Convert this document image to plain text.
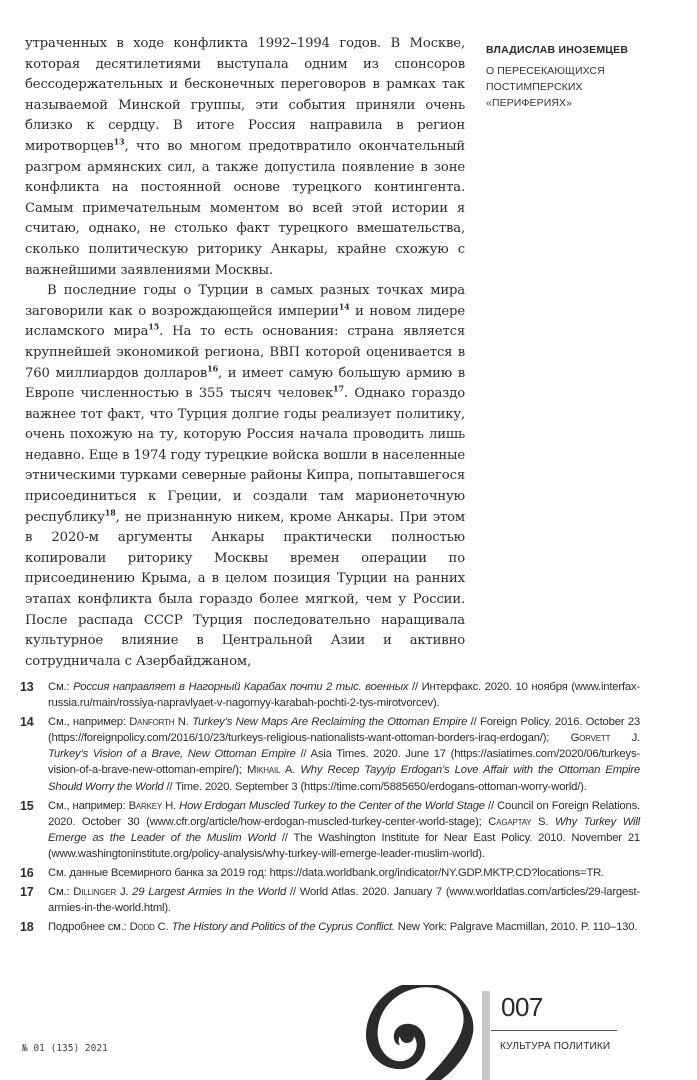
ВЛАДИСЛАВ ИНОЗЕМЦЕВ
О ПЕРЕСЕКАЮЩИХСЯ
ПОСТИМПЕРСКИХ
«ПЕРИФЕРИЯХ»

утраченных в ходе конфликта 1992–1994 годов. В Москве, которая десятилетиями выступала одним из спонсоров бессодержательных и бесконечных переговоров в рамках так называемой Минской группы, эти события приняли очень близко к сердцу. В итоге Россия направила в регион миротворцев$^{13}$, что во многом предотвратило окончательный разгром армянских сил, а также допустила появление в зоне конфликта на постоянной основе турецкого контингента. Самым примечательным моментом во всей этой истории я считаю, однако, не столько факт турецкого вмешательства, сколько политическую риторику Анкары, крайне схожую с важнейшими заявлениями Москвы.

В последние годы о Турции в самых разных точках мира заговорили как о возрождающейся империи$^{14}$ и новом лидере исламского мира$^{15}$. На то есть основания: страна является крупнейшей экономикой региона, ВВП которой оценивается в 760 миллиардов долларов$^{16}$, и имеет самую большую армию в Европе численностью в 355 тысяч человек$^{17}$. Однако гораздо важнее тот факт, что Турция долгие годы реализует политику, очень похожую на ту, которую Россия начала проводить лишь недавно. Еще в 1974 году турецкие войска вошли в населенные этническими турками северные районы Кипра, попытавшегося присоединиться к Греции, и создали там марионеточную республику$^{18}$, не признанную никем, кроме Анкары. При этом в 2020-м аргументы Анкары практически полностью копировали риторику Москвы времен операции по присоединению Крыма, а в целом позиция Турции на ранних этапах конфликта была гораздо более мягкой, чем у России. После распада СССР Турция последовательно наращивала культурное влияние в Центральной Азии и активно сотрудничала с Азербайджаном,

13	См.: Россия направляет в Нагорный Карабах почти 2 тыс. военных // Интерфакс. 2020. 10 ноября (www.interfax-russia.ru/main/rossiya-napravlyaet-v-nagornyy-karabah-pochti-2-tys-mirotvorcev).
14	См., например: Danforth N. Turkey’s New Maps Are Reclaiming the Ottoman Empire // Foreign Policy. 2016. October 23 (https://foreignpolicy.com/2016/10/23/turkeys-religious-nationalists-want-ottoman-borders-iraq-erdogan/); Gorvett J. Turkey’s Vision of a Brave, New Ottoman Empire // Asia Times. 2020. June 17 (https://asiatimes.com/2020/06/turkeys-vision-of-a-brave-new-ottoman-empire/); Mikhail A. Why Recep Tayyip Erdogan’s Love Affair with the Ottoman Empire Should Worry the World // Time. 2020. September 3 (https://time.com/5885650/erdogans-ottoman-worry-world/).
15	См., например: Barkey H. How Erdogan Muscled Turkey to the Center of the World Stage // Council on Foreign Relations. 2020. October 30 (www.cfr.org/article/how-erdogan-muscled-turkey-center-world-stage); Cagaptay S. Why Turkey Will Emerge as the Leader of the Muslim World // The Washington Institute for Near East Policy. 2010. November 21 (www.washingtoninstitute.org/policy-analysis/why-turkey-will-emerge-leader-muslim-world).
16	См. данные Всемирного банка за 2019 год: https://data.worldbank.org/indicator/NY.GDP.MKTP.CD?locations=TR.
17	См.: Dillinger J. 29 Largest Armies In the World // World Atlas. 2020. January 7 (www.worldatlas.com/articles/29-largest-armies-in-the-world.html).
18	Подробнее см.: Dodd C. The History and Politics of the Cyprus Conflict. New York: Palgrave Macmillan, 2010. P. 110–130.
№ 01 (135) 2021
007
КУЛЬТУРА ПОЛИТИКИ
